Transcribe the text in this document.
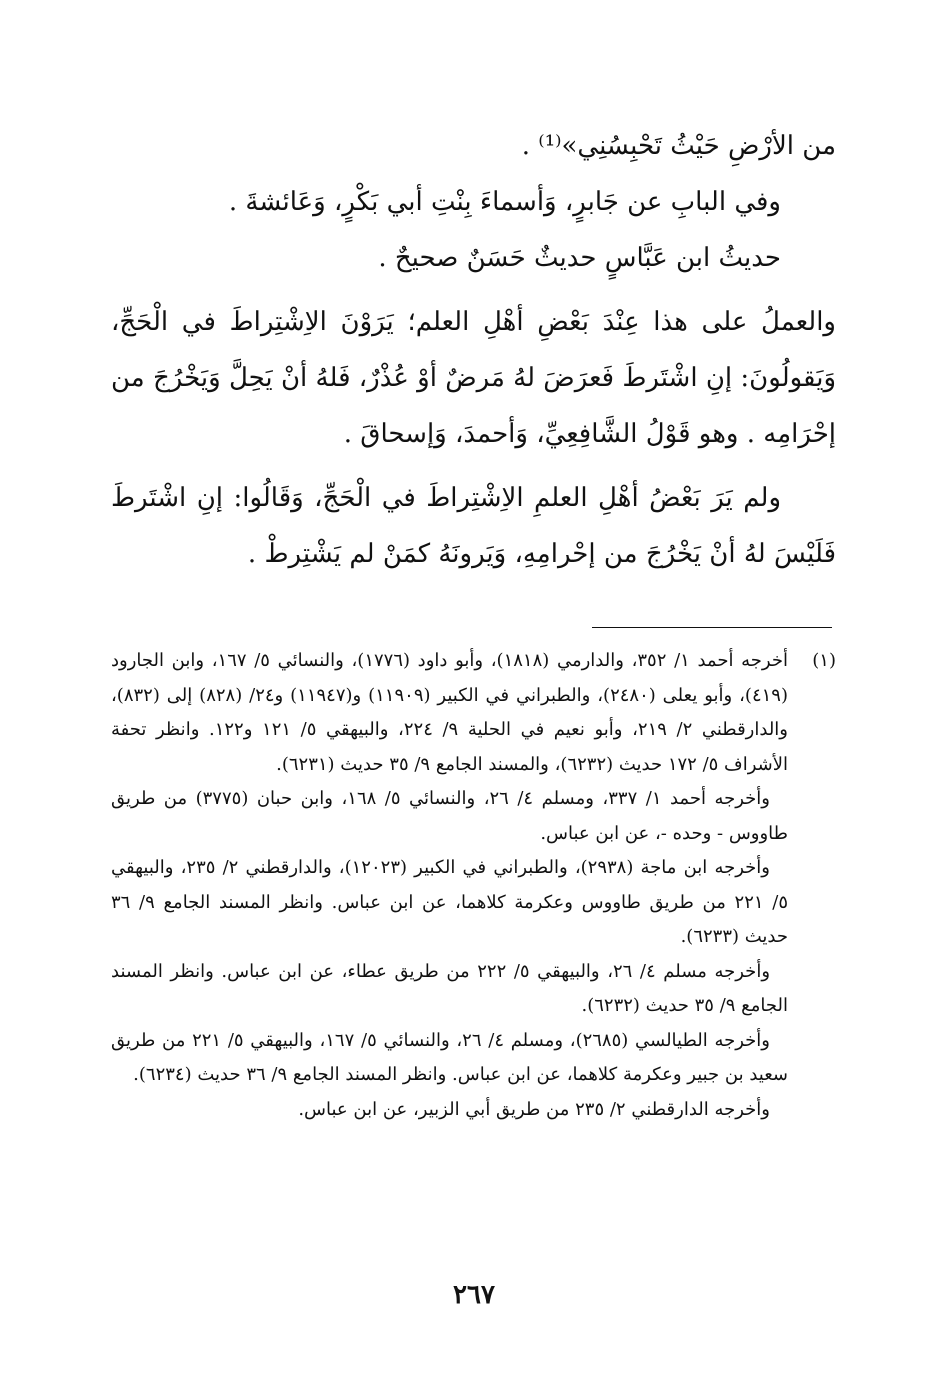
من الأرْضِ حَيْثُ تَحْبِسُنِي»⁽¹⁾ .

وفي البابِ عن جَابرٍ، وَأسماءَ بِنْتِ أبي بَكْرٍ، وَعَائشةَ .

حديثُ ابن عَبَّاسٍ حديثٌ حَسَنٌ صحيحٌ .

والعملُ على هذا عِنْدَ بَعْضِ أهْلِ العلم؛ يَرَوْنَ الاِشْتِراطَ في الْحَجِّ، وَيَقولُونَ: إنِ اشْتَرطَ فَعرَضَ لهُ مَرضٌ أوْ عُذْرٌ، فَلهُ أنْ يَحِلَّ وَيَخْرُجَ من إحْرَامِه . وهو قَوْلُ الشَّافِعِيِّ، وَأحمدَ، وَإسحاقَ .

ولم يَرَ بَعْضُ أهْلِ العلمِ الاِشْتِراطَ في الْحَجِّ، وَقَالُوا: إنِ اشْتَرطَ فَلَيْسَ لهُ أنْ يَخْرُجَ من إحْرامِهِ، وَيَرونَهُ كمَنْ لم يَشْتِرطْ .

(١)

أخرجه أحمد ١/ ٣٥٢، والدارمي (١٨١٨)، وأبو داود (١٧٧٦)، والنسائي ٥/ ١٦٧، وابن الجارود (٤١٩)، وأبو يعلى (٢٤٨٠)، والطبراني في الكبير (١١٩٠٩) و(١١٩٤٧) و٢٤/ (٨٢٨) إلى (٨٣٢)، والدارقطني ٢/ ٢١٩، وأبو نعيم في الحلية ٩/ ٢٢٤، والبيهقي ٥/ ١٢١ و١٢٢. وانظر تحفة الأشراف ٥/ ١٧٢ حديث (٦٢٣٢)، والمسند الجامع ٩/ ٣٥ حديث (٦٢٣١).

وأخرجه أحمد ١/ ٣٣٧، ومسلم ٤/ ٢٦، والنسائي ٥/ ١٦٨، وابن حبان (٣٧٧٥) من طريق طاووس - وحده -، عن ابن عباس.

وأخرجه ابن ماجة (٢٩٣٨)، والطبراني في الكبير (١٢٠٢٣)، والدارقطني ٢/ ٢٣٥، والبيهقي ٥/ ٢٢١ من طريق طاووس وعكرمة كلاهما، عن ابن عباس. وانظر المسند الجامع ٩/ ٣٦ حديث (٦٢٣٣).

وأخرجه مسلم ٤/ ٢٦، والبيهقي ٥/ ٢٢٢ من طريق عطاء، عن ابن عباس. وانظر المسند الجامع ٩/ ٣٥ حديث (٦٢٣٢).

وأخرجه الطيالسي (٢٦٨٥)، ومسلم ٤/ ٢٦، والنسائي ٥/ ١٦٧، والبيهقي ٥/ ٢٢١ من طريق سعيد بن جبير وعكرمة كلاهما، عن ابن عباس. وانظر المسند الجامع ٩/ ٣٦ حديث (٦٢٣٤).

وأخرجه الدارقطني ٢/ ٢٣٥ من طريق أبي الزبير، عن ابن عباس.

٢٦٧
